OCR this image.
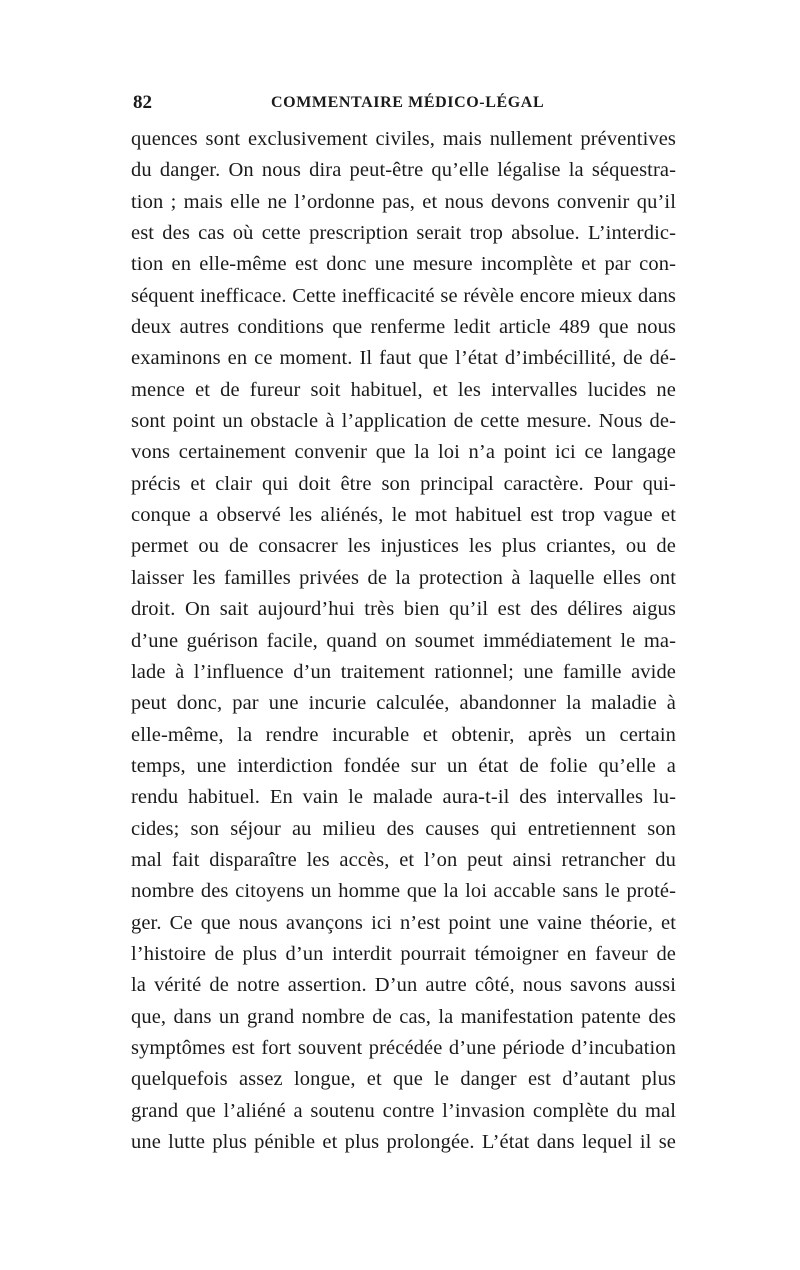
82	COMMENTAIRE MÉDICO-LÉGAL
quences sont exclusivement civiles, mais nullement préventives
du danger. On nous dira peut-être qu’elle légalise la séquestra-
tion ; mais elle ne l’ordonne pas, et nous devons convenir qu’il
est des cas où cette prescription serait trop absolue. L’interdic-
tion en elle-même est donc une mesure incomplète et par con-
séquent inefficace. Cette inefficacité se révèle encore mieux dans
deux autres conditions que renferme ledit article 489 que nous
examinons en ce moment. Il faut que l’état d’imbécillité, de dé-
mence et de fureur soit habituel, et les intervalles lucides ne
sont point un obstacle à l’application de cette mesure. Nous de-
vons certainement convenir que la loi n’a point ici ce langage
précis et clair qui doit être son principal caractère. Pour qui-
conque a observé les aliénés, le mot habituel est trop vague et
permet ou de consacrer les injustices les plus criantes, ou de
laisser les familles privées de la protection à laquelle elles ont
droit. On sait aujourd’hui très bien qu’il est des délires aigus
d’une guérison facile, quand on soumet immédiatement le ma-
lade à l’influence d’un traitement rationnel; une famille avide
peut donc, par une incurie calculée, abandonner la maladie à
elle-même, la rendre incurable et obtenir, après un certain
temps, une interdiction fondée sur un état de folie qu’elle a
rendu habituel. En vain le malade aura-t-il des intervalles lu-
cides; son séjour au milieu des causes qui entretiennent son
mal fait disparaître les accès, et l’on peut ainsi retrancher du
nombre des citoyens un homme que la loi accable sans le proté-
ger. Ce que nous avançons ici n’est point une vaine théorie, et
l’histoire de plus d’un interdit pourrait témoigner en faveur de
la vérité de notre assertion. D’un autre côté, nous savons aussi
que, dans un grand nombre de cas, la manifestation patente des
symptômes est fort souvent précédée d’une période d’incubation
quelquefois assez longue, et que le danger est d’autant plus
grand que l’aliéné a soutenu contre l’invasion complète du mal
une lutte plus pénible et plus prolongée. L’état dans lequel il se
